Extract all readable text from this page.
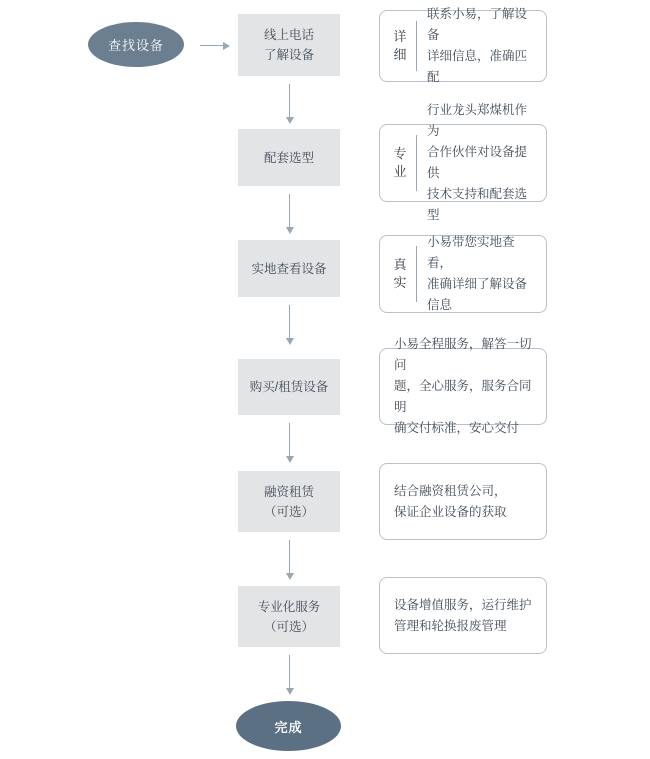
查找设备
线上电话
了解设备
详
细
联系小易，了解设备
详细信息，准确匹配
配套选型	专
业
行业龙头郑煤机作为
合作伙伴对设备提供
技术支持和配套选型
实地查看设备	真
实
小易带您实地查看，
准确详细了解设备
信息
购买/租赁设备
小易全程服务，解答一切问
题，全心服务，服务合同明
确交付标准，安心交付
融资租赁
（可选）
结合融资租赁公司，
保证企业设备的获取
专业化服务
（可选）
设备增值服务，运行维护
管理和轮换报废管理
完成
